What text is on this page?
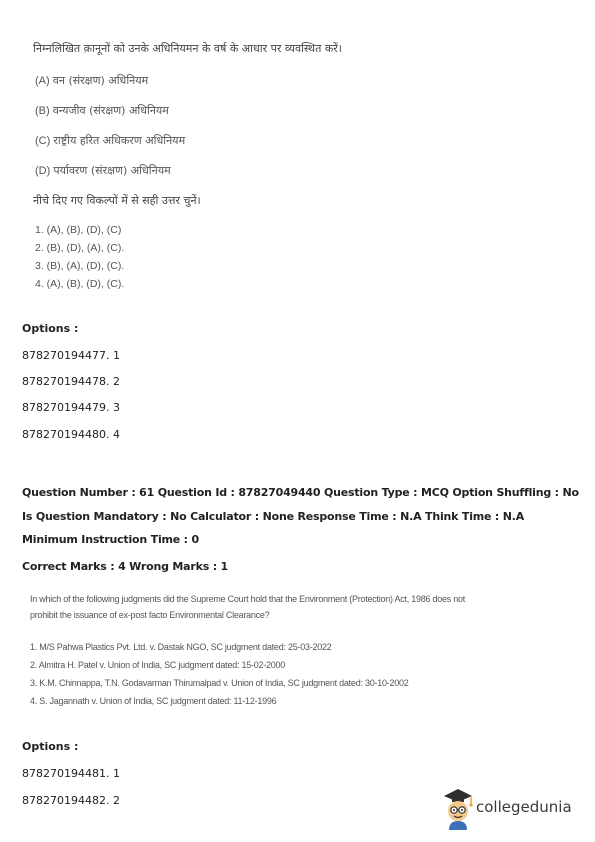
निम्नलिखित क़ानूनों को उनके अधिनियमन के वर्ष के आधार पर व्यवस्थित करें।
(A) वन (संरक्षण) अधिनियम
(B) वन्यजीव (संरक्षण) अधिनियम
(C) राष्ट्रीय हरित अधिकरण अधिनियम
(D) पर्यावरण (संरक्षण) अधिनियम
नीचे दिए गए विकल्पों में से सही उत्तर चुनें।
1. (A), (B), (D), (C)
2. (B), (D), (A), (C).
3. (B), (A), (D), (C).
4. (A), (B), (D), (C).
Options :
878270194477. 1
878270194478. 2
878270194479. 3
878270194480. 4
Question Number : 61 Question Id : 87827049440 Question Type : MCQ Option Shuffling : No
Is Question Mandatory : No Calculator : None Response Time : N.A Think Time : N.A
Minimum Instruction Time : 0
Correct Marks : 4 Wrong Marks : 1
In which of the following judgments did the Supreme Court hold that the Environment (Protection) Act, 1986 does not
prohibit the issuance of ex-post facto Environmental Clearance?
1. M/S Pahwa Plastics Pvt. Ltd. v. Dastak NGO, SC judgment dated: 25-03-2022
2. Almitra H. Patel v. Union of India, SC judgment dated: 15-02-2000
3. K.M. Chinnappa, T.N. Godavarman Thirumalpad v. Union of India, SC judgment dated: 30-10-2002
4. S. Jagannath v. Union of India, SC judgment dated: 11-12-1996
Options :
878270194481. 1
878270194482. 2	collegedunia
